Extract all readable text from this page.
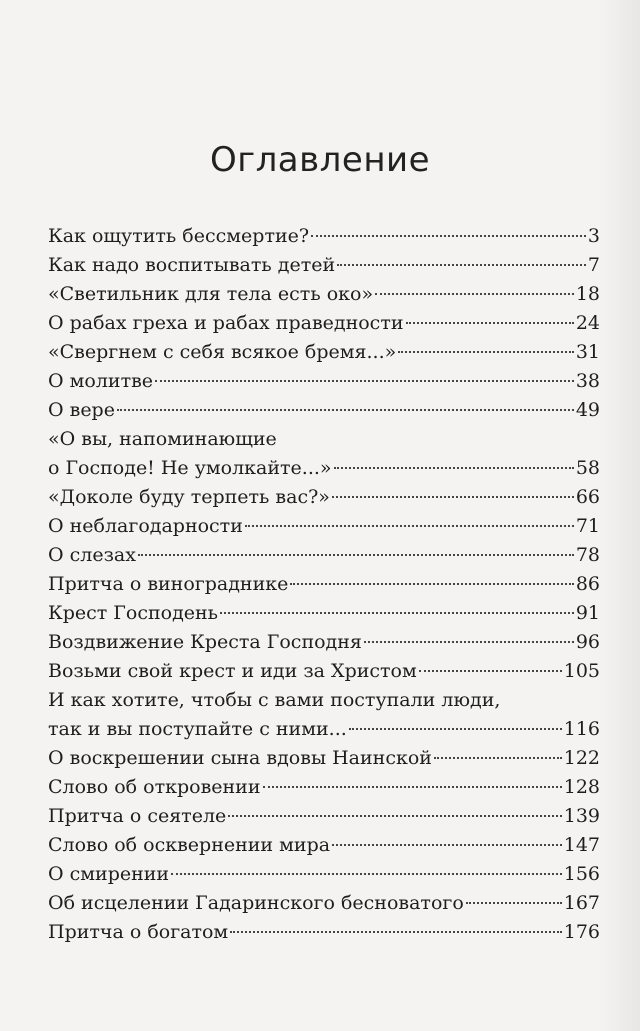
Оглавление
Как ощутить бессмертие?	3
Как надо воспитывать детей	7
«Светильник для тела есть око»	18
О рабах греха и рабах праведности	24
«Свергнем с себя всякое бремя...»	31
О молитве	38
О вере	49
«О вы, напоминающие
о Господе! Не умолкайте...»	58
«Доколе буду терпеть вас?»	66
О неблагодарности	71
О слезах	78
Притча о винограднике	86
Крест Господень	91
Воздвижение Креста Господня	96
Возьми свой крест и иди за Христом	105
И как хотите, чтобы с вами поступали люди,
так и вы поступайте с ними...	116
О воскрешении сына вдовы Наинской	122
Слово об откровении	128
Притча о сеятеле	139
Слово об осквернении мира	147
О смирении	156
Об исцелении Гадаринского бесноватого	167
Притча о богатом	176
